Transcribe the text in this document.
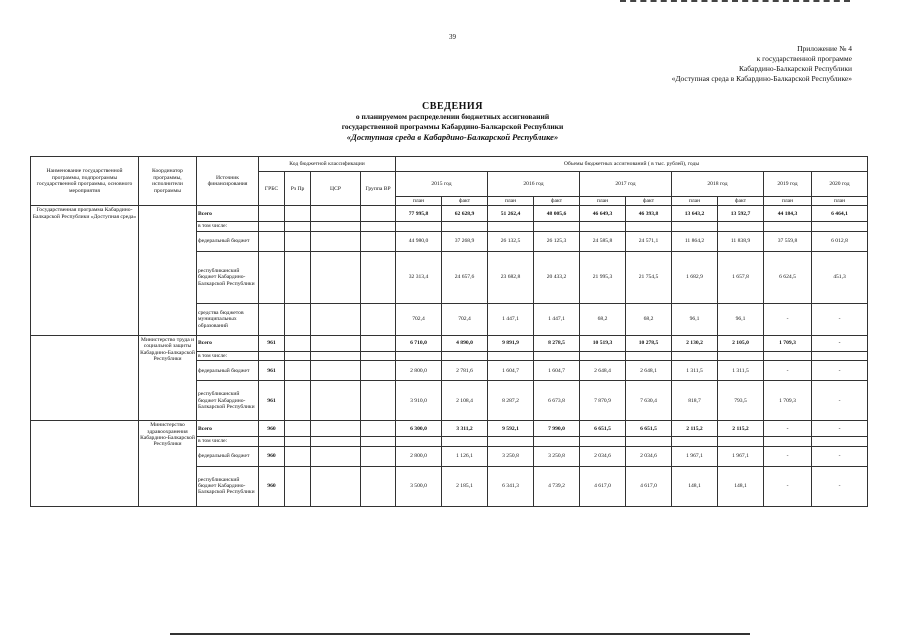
39
Приложение № 4
к государственной программе
Кабардино-Балкарской Республики
«Доступная среда в Кабардино-Балкарской Республике»
СВЕДЕНИЯ
о планируемом распределении бюджетных ассигнований
государственной программы Кабардино-Балкарской Республики
«Доступная среда в Кабардино-Балкарской Республике»
Наименование государственной программы, подпрограммы государственной программы, основного мероприятия	Координатор программы, исполнители программы	Источник финансирования	Код бюджетной классификации				Объемы бюджетных ассигнований ( в тыс. рублей), годы									
			ГРБС	Рз Пр	ЦСР	Группа ВР	2015 год		2016 год		2017 год		2018 год		2019 год	2020 год
							план	факт	план	факт	план	факт	план	факт	план	план
Государственная программа Кабардино-Балкарской Республики «Доступная среда»		Всего					77 995,8	62 628,9	51 262,4	48 005,6	46 649,3	46 393,8	13 643,2	13 592,7	44 184,3	6 464,1
		в том числе:														
		федеральный бюджет					44 980,0	37 268,9	26 132,5	26 125,3	24 585,8	24 571,1	11 864,2	11 838,9	37 559,8	6 012,8
		республиканский бюджет Кабардино-Балкарской Республики					32 313,4	24 657,6	23 682,8	20 433,2	21 995,3	21 754,5	1 682,9	1 657,8	6 624,5	451,3
		средства бюджетов муниципальных образований					702,4	702,4	1 447,1	1 447,1	68,2	68,2	96,1	96,1	-	-
	Министерство труда и социальной защиты Кабардино-Балкарской Республики	Всего	961				6 710,0	4 890,0	9 891,9	8 278,5	10 519,3	10 278,5	2 130,2	2 105,0	1 709,3	-
		в том числе:														
		федеральный бюджет	961				2 800,0	2 781,6	1 604,7	1 604,7	2 648,4	2 648,1	1 311,5	1 311,5	-	-
		республиканский бюджет Кабардино-Балкарской Республики	961				3 910,0	2 108,4	8 287,2	6 673,8	7 870,9	7 630,4	818,7	793,5	1 709,3	-
	Министерство здравоохранения Кабардино-Балкарской Республики	Всего	960				6 300,0	3 311,2	9 592,1	7 990,0	6 651,5	6 651,5	2 115,2	2 115,2	-	-
		в том числе:														
		федеральный бюджет	960				2 800,0	1 126,1	3 250,8	3 250,8	2 034,6	2 034,6	1 967,1	1 967,1	-	-
		республиканский бюджет Кабардино-Балкарской Республики	960				3 500,0	2 185,1	6 341,3	4 739,2	4 617,0	4 617,0	148,1	148,1	-	-
